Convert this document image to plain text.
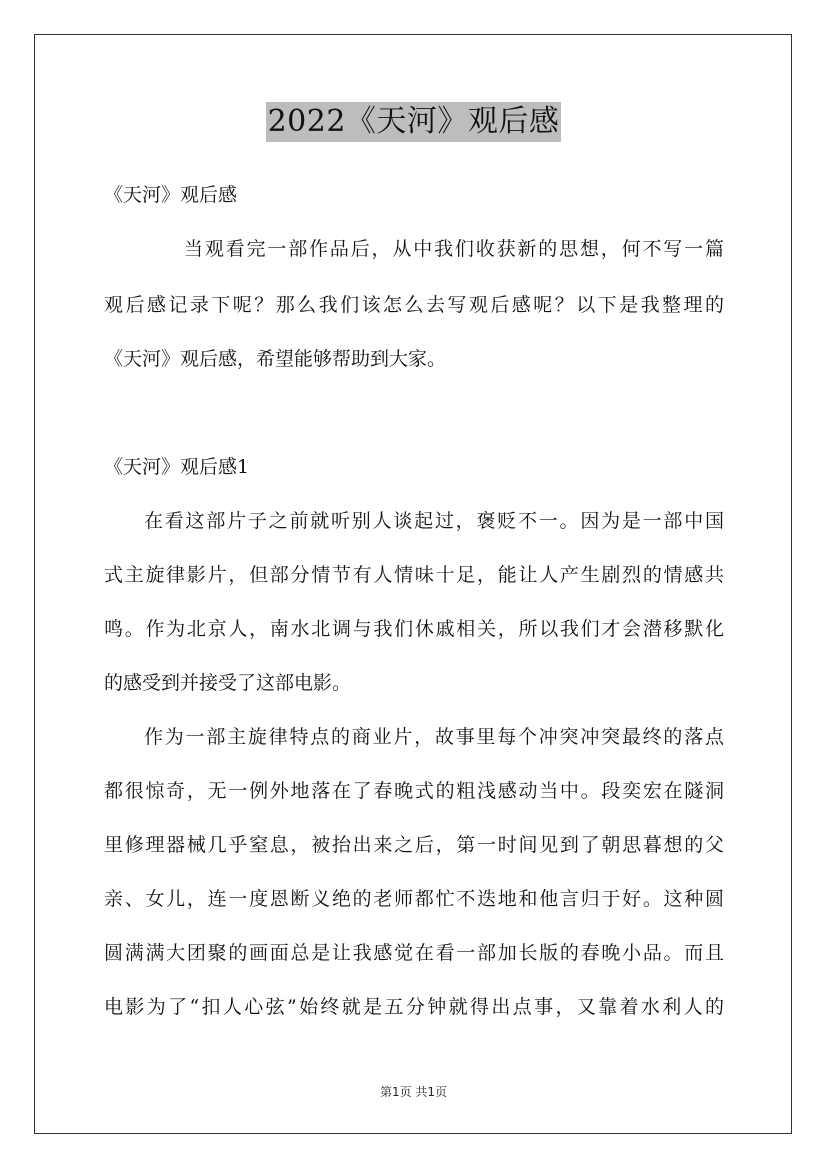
2022《天河》观后感
《天河》观后感
当观看完一部作品后，从中我们收获新的思想，何不写一篇
观后感记录下呢？那么我们该怎么去写观后感呢？以下是我整理的
《天河》观后感，希望能够帮助到大家。
《天河》观后感1
在看这部片子之前就听别人谈起过，褒贬不一。因为是一部中国
式主旋律影片，但部分情节有人情味十足，能让人产生剧烈的情感共
鸣。作为北京人，南水北调与我们休戚相关，所以我们才会潜移默化
的感受到并接受了这部电影。
作为一部主旋律特点的商业片，故事里每个冲突冲突最终的落点
都很惊奇，无一例外地落在了春晚式的粗浅感动当中。段奕宏在隧洞
里修理器械几乎窒息，被抬出来之后，第一时间见到了朝思暮想的父
亲、女儿，连一度恩断义绝的老师都忙不迭地和他言归于好。这种圆
圆满满大团聚的画面总是让我感觉在看一部加长版的春晚小品。而且
电影为了“扣人心弦”始终就是五分钟就得出点事，又靠着水利人的
第1页 共1页
